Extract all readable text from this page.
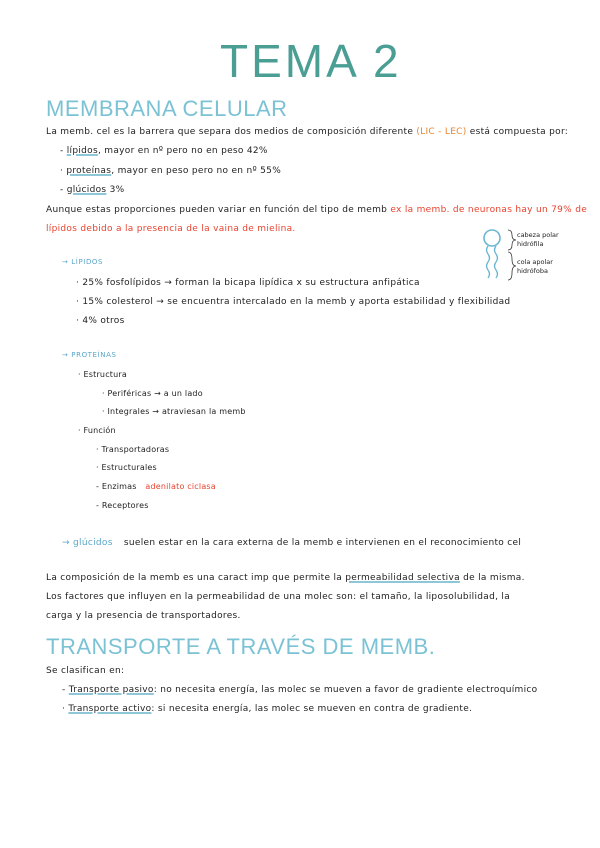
TEMA 2
MEMBRANA CELULAR
La memb. cel es la barrera que separa dos medios de composición diferente (LIC - LEC) está compuesta por:
- lípidos, mayor en nº pero no en peso 42%
· proteínas, mayor en peso pero no en nº 55%
- glúcidos 3%
Aunque estas proporciones pueden variar en función del tipo de memb ex la memb. de neuronas hay un 79% de
lípidos debido a la presencia de la vaina de mielina.
cabeza polar
hidrófila
cola apolar
hidrófoba
→ LÍPIDOS
· 25% fosfolípidos → forman la bicapa lipídica x su estructura anfipática
· 15% colesterol → se encuentra intercalado en la memb y aporta estabilidad y flexibilidad
· 4% otros
→ PROTEÍNAS
· Estructura
· Periféricas → a un lado
· Integrales → atraviesan la memb
· Función
· Transportadoras
· Estructurales
- Enzimas adenilato ciclasa
- Receptores
→ glúcidos suelen estar en la cara externa de la memb e intervienen en el reconocimiento cel
La composición de la memb es una caract imp que permite la permeabilidad selectiva de la misma.
Los factores que influyen en la permeabilidad de una molec son: el tamaño, la liposolubilidad, la
carga y la presencia de transportadores.
TRANSPORTE A TRAVÉS DE MEMB.
Se clasifican en:
- Transporte pasivo: no necesita energía, las molec se mueven a favor de gradiente electroquímico
· Transporte activo: si necesita energía, las molec se mueven en contra de gradiente.
